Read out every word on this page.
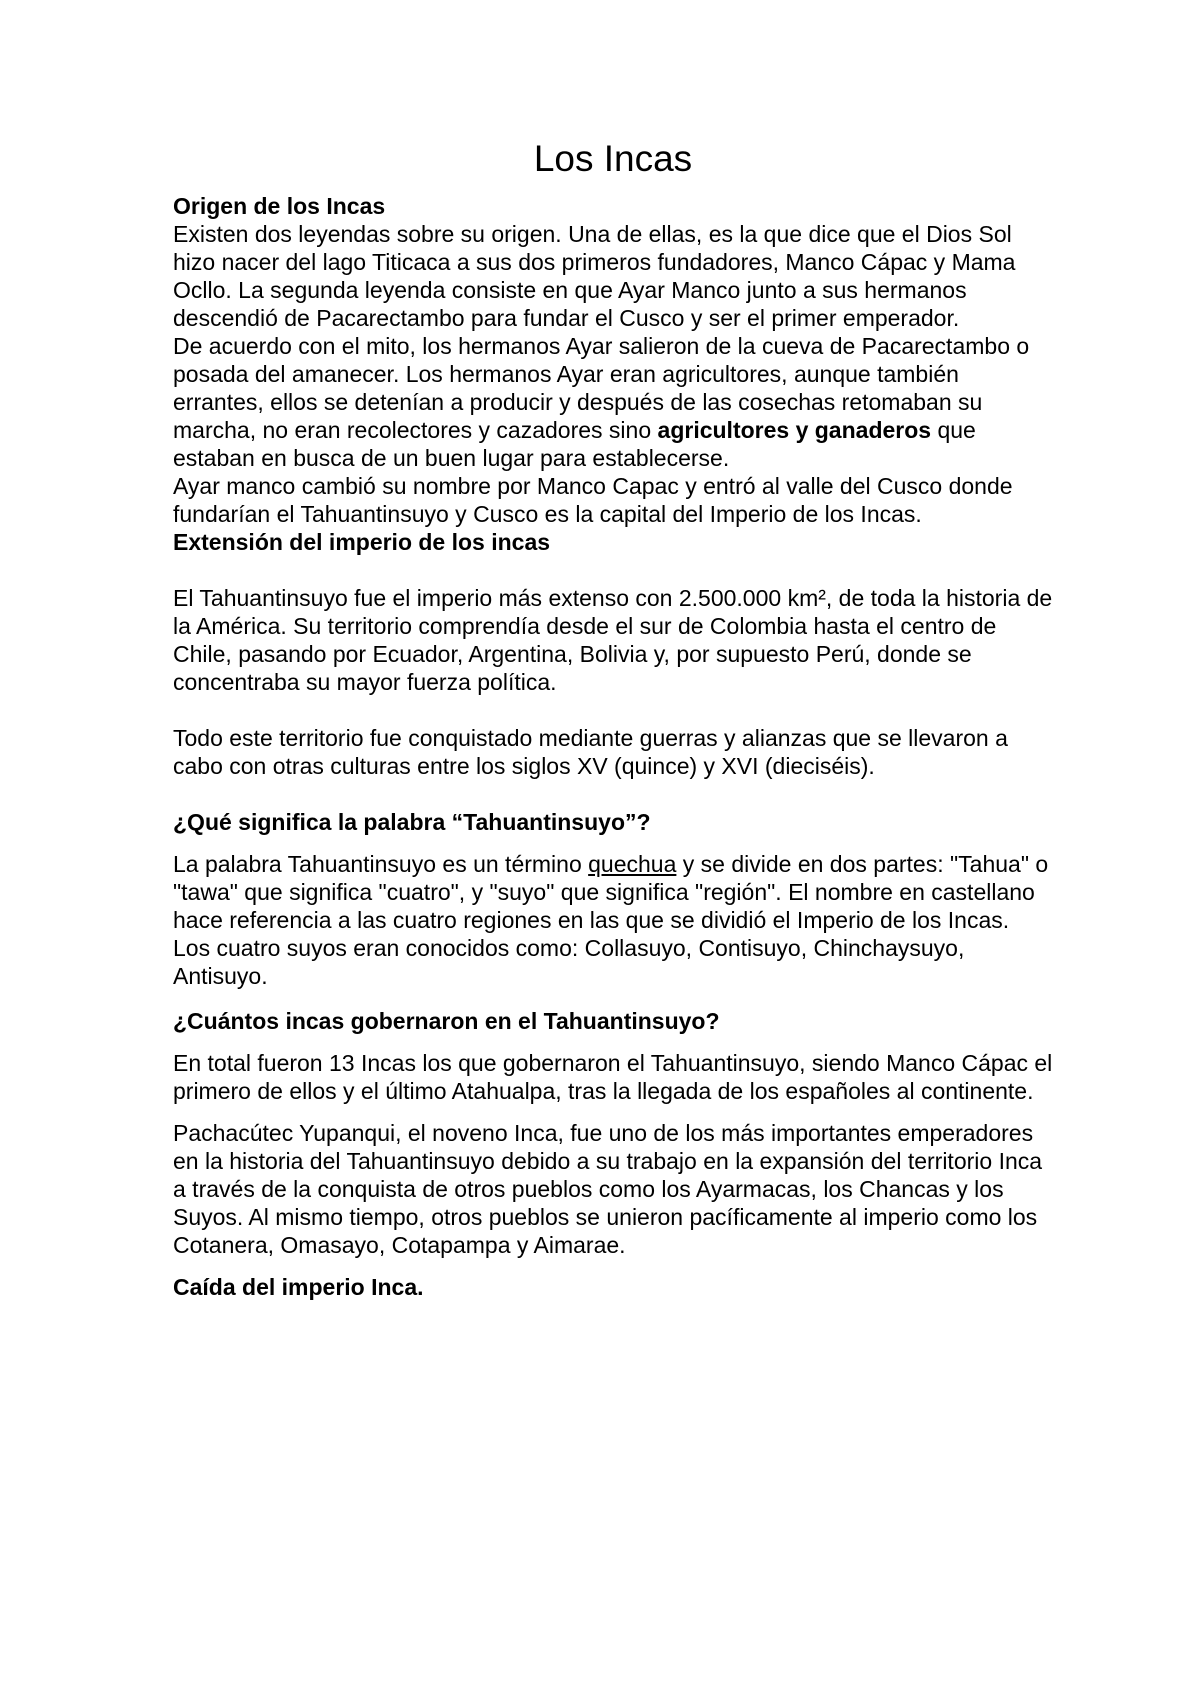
Los Incas

Origen de los Incas

Existen dos leyendas sobre su origen. Una de ellas, es la que dice que el Dios Sol hizo nacer del lago Titicaca a sus dos primeros fundadores, Manco Cápac y Mama Ocllo. La segunda leyenda consiste en que Ayar Manco junto a sus hermanos descendió de Pacarectambo para fundar el Cusco y ser el primer emperador.

De acuerdo con el mito, los hermanos Ayar salieron de la cueva de Pacarectambo o posada del amanecer. Los hermanos Ayar eran agricultores, aunque también errantes, ellos se detenían a producir y después de las cosechas retomaban su marcha, no eran recolectores y cazadores sino agricultores y ganaderos que estaban en busca de un buen lugar para establecerse.

Ayar manco cambió su nombre por Manco Capac y entró al valle del Cusco donde fundarían el Tahuantinsuyo y Cusco es la capital del Imperio de los Incas.

Extensión del imperio de los incas

El Tahuantinsuyo fue el imperio más extenso con 2.500.000 km², de toda la historia de la América. Su territorio comprendía desde el sur de Colombia hasta el centro de Chile, pasando por Ecuador, Argentina, Bolivia y, por supuesto Perú, donde se concentraba su mayor fuerza política.

Todo este territorio fue conquistado mediante guerras y alianzas que se llevaron a cabo con otras culturas entre los siglos XV (quince) y XVI (dieciséis).

¿Qué significa la palabra “Tahuantinsuyo”?

La palabra Tahuantinsuyo es un término quechua y se divide en dos partes: "Tahua" o "tawa" que significa "cuatro", y "suyo" que significa "región". El nombre en castellano hace referencia a las cuatro regiones en las que se dividió el Imperio de los Incas.

Los cuatro suyos eran conocidos como: Collasuyo, Contisuyo, Chinchaysuyo, Antisuyo.

¿Cuántos incas gobernaron en el Tahuantinsuyo?

En total fueron 13 Incas los que gobernaron el Tahuantinsuyo, siendo Manco Cápac el primero de ellos y el último Atahualpa, tras la llegada de los españoles al continente.

Pachacútec Yupanqui, el noveno Inca, fue uno de los más importantes emperadores en la historia del Tahuantinsuyo debido a su trabajo en la expansión del territorio Inca a través de la conquista de otros pueblos como los Ayarmacas, los Chancas y los Suyos. Al mismo tiempo, otros pueblos se unieron pacíficamente al imperio como los Cotanera, Omasayo, Cotapampa y Aimarae.

Caída del imperio Inca.
